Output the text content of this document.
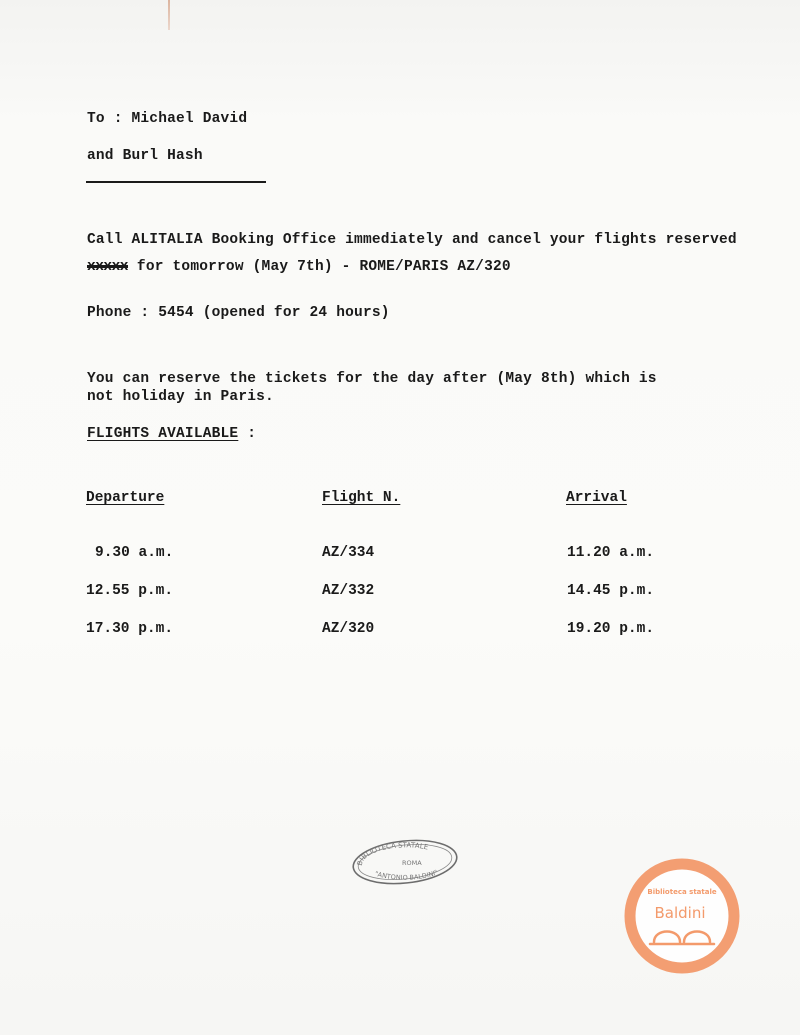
To : Michael David
and Burl Hash
Call ALITALIA Booking Office immediately and cancel your flights reserved
xxxxx for tomorrow (May 7th) - ROME/PARIS AZ/320
Phone : 5454 (opened for 24 hours)
You can reserve the tickets for the day after (May 8th) which is
not holiday in Paris.
FLIGHTS AVAILABLE :
Departure	Flight N.	Arrival
9.30 a.m.	AZ/334	11.20 a.m.
12.55 p.m.	AZ/332	14.45 p.m.
17.30 p.m.	AZ/320	19.20 p.m.
BIBLIOTECA STATALE
ROMA
"ANTONIO BALDINI"
Biblioteca statale
Baldini
